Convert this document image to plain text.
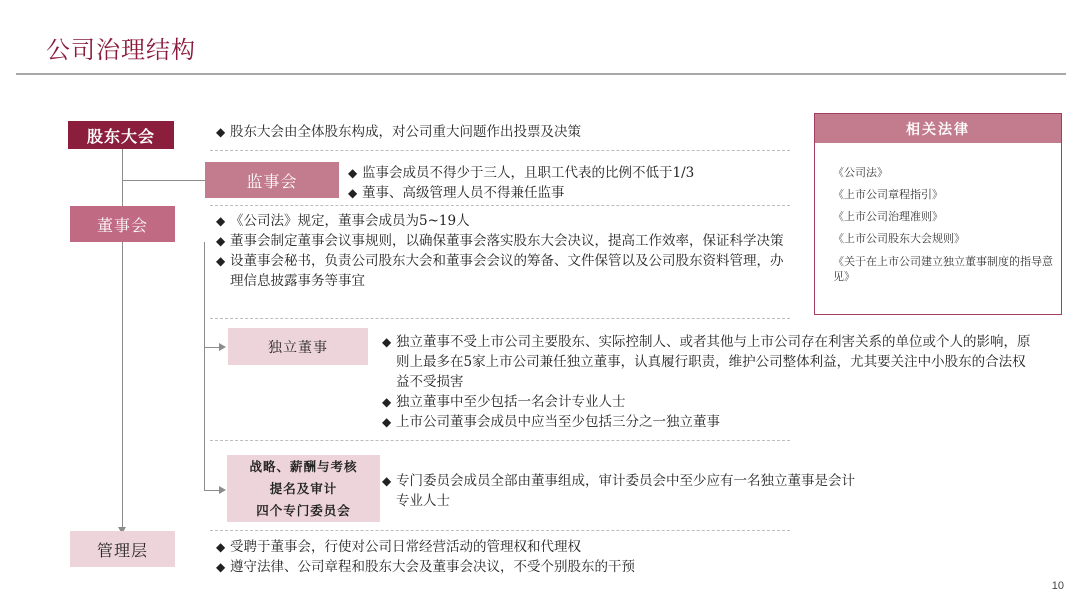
公司治理结构
股东大会
监事会
董事会
独立董事
战略、薪酬与考核
提名及审计
四个专门委员会
管理层
◆ 股东大会由全体股东构成，对公司重大问题作出投票及决策
◆ 监事会成员不得少于三人，且职工代表的比例不低于1/3
◆ 董事、高级管理人员不得兼任监事
◆ 《公司法》规定，董事会成员为5~19人
◆ 董事会制定董事会议事规则，以确保董事会落实股东大会决议，提高工作效率，保证科学决策
◆ 设董事会秘书，负责公司股东大会和董事会会议的筹备、文件保管以及公司股东资料管理，办理信息披露事务等事宜
◆ 独立董事不受上市公司主要股东、实际控制人、或者其他与上市公司存在利害关系的单位或个人的影响，原则上最多在5家上市公司兼任独立董事，认真履行职责，维护公司整体利益，尤其要关注中小股东的合法权益不受损害
◆ 独立董事中至少包括一名会计专业人士
◆ 上市公司董事会成员中应当至少包括三分之一独立董事
◆ 专门委员会成员全部由董事组成，审计委员会中至少应有一名独立董事是会计专业人士
◆ 受聘于董事会，行使对公司日常经营活动的管理权和代理权
◆ 遵守法律、公司章程和股东大会及董事会决议，不受个别股东的干预
相关法律
《公司法》
《上市公司章程指引》
《上市公司治理准则》
《上市公司股东大会规则》
《关于在上市公司建立独立董事制度的指导意见》
10
